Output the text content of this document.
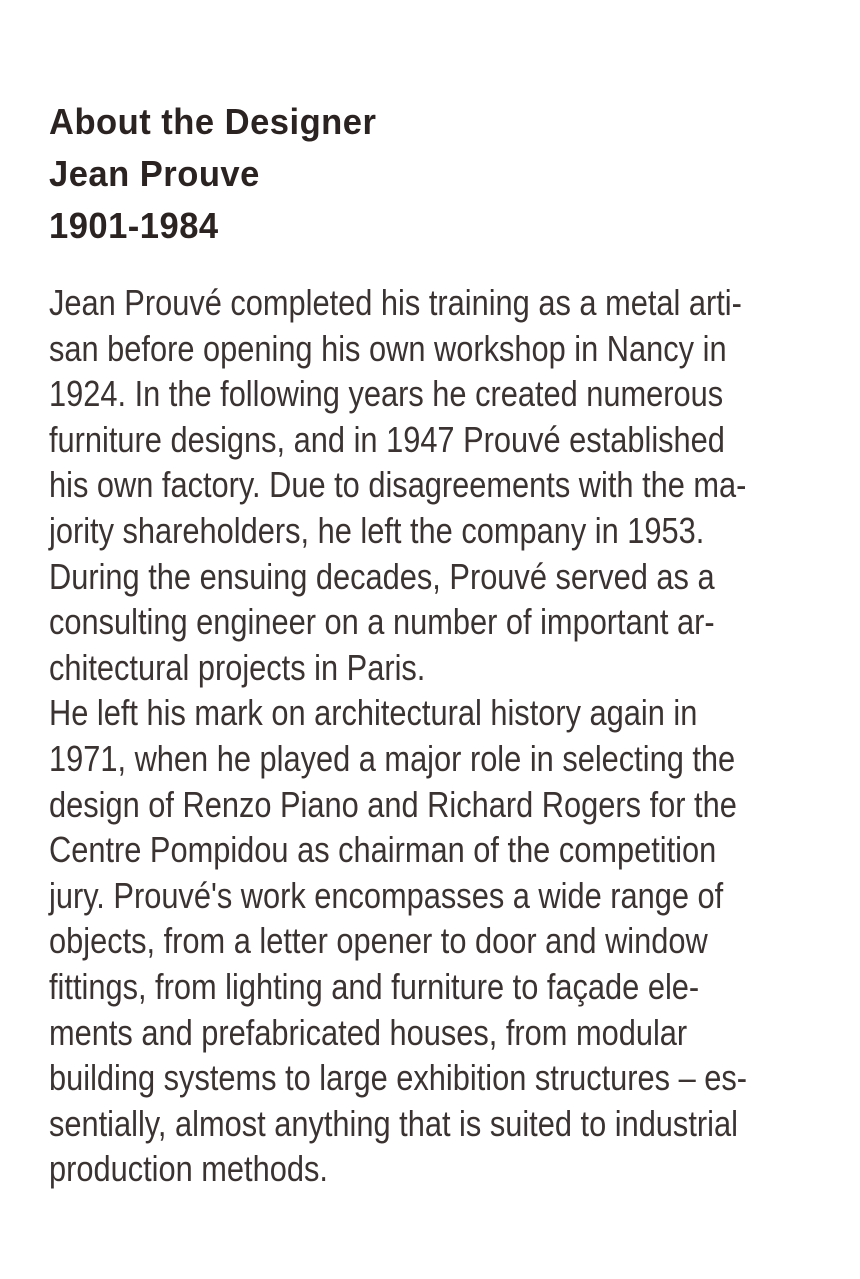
About the Designer
Jean Prouve
1901-1984
Jean Prouvé completed his training as a metal arti-
san before opening his own workshop in Nancy in
1924. In the following years he created numerous
furniture designs, and in 1947 Prouvé established
his own factory. Due to disagreements with the ma-
jority shareholders, he left the company in 1953.
During the ensuing decades, Prouvé served as a
consulting engineer on a number of important ar-
chitectural projects in Paris.
He left his mark on architectural history again in
1971, when he played a major role in selecting the
design of Renzo Piano and Richard Rogers for the
Centre Pompidou as chairman of the competition
jury. Prouvé's work encompasses a wide range of
objects, from a letter opener to door and window
fittings, from lighting and furniture to façade ele-
ments and prefabricated houses, from modular
building systems to large exhibition structures – es-
sentially, almost anything that is suited to industrial
production methods.
